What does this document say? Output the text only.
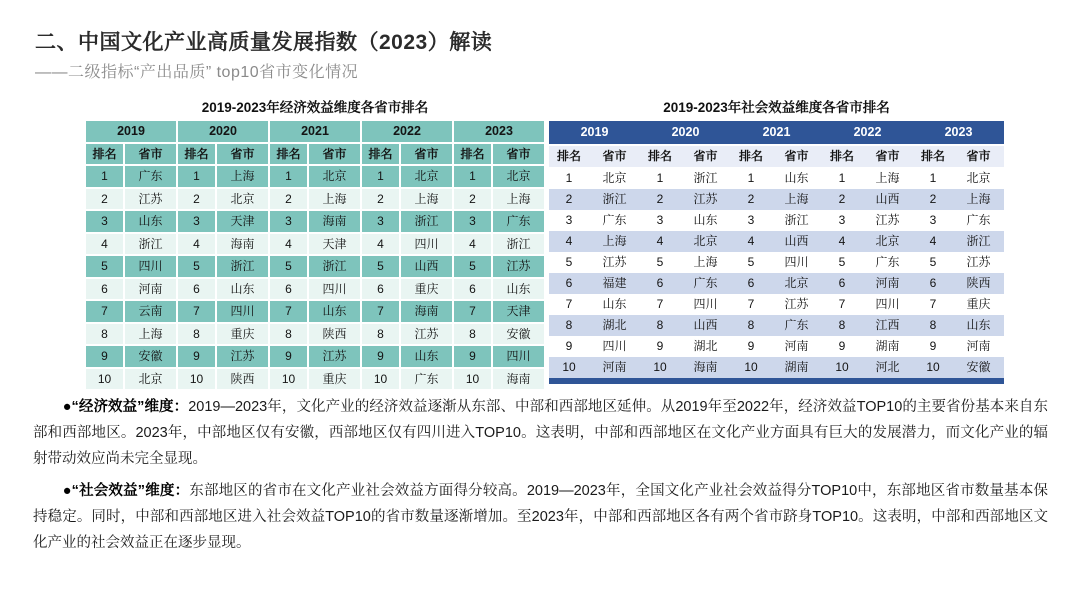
二、中国文化产业高质量发展指数（2023）解读
——二级指标“产出品质” top10省市变化情况
2019-2023年经济效益维度各省市排名
2019	2020	2021	2022	2023
排名	省市	排名	省市	排名	省市	排名	省市	排名	省市
1	广东	1	上海	1	北京	1	北京	1	北京
2	江苏	2	北京	2	上海	2	上海	2	上海
3	山东	3	天津	3	海南	3	浙江	3	广东
4	浙江	4	海南	4	天津	4	四川	4	浙江
5	四川	5	浙江	5	浙江	5	山西	5	江苏
6	河南	6	山东	6	四川	6	重庆	6	山东
7	云南	7	四川	7	山东	7	海南	7	天津
8	上海	8	重庆	8	陕西	8	江苏	8	安徽
9	安徽	9	江苏	9	江苏	9	山东	9	四川
10	北京	10	陕西	10	重庆	10	广东	10	海南
2019-2023年社会效益维度各省市排名
2019	2020	2021	2022	2023
排名	省市	排名	省市	排名	省市	排名	省市	排名	省市
1	北京	1	浙江	1	山东	1	上海	1	北京
2	浙江	2	江苏	2	上海	2	山西	2	上海
3	广东	3	山东	3	浙江	3	江苏	3	广东
4	上海	4	北京	4	山西	4	北京	4	浙江
5	江苏	5	上海	5	四川	5	广东	5	江苏
6	福建	6	广东	6	北京	6	河南	6	陕西
7	山东	7	四川	7	江苏	7	四川	7	重庆
8	湖北	8	山西	8	广东	8	江西	8	山东
9	四川	9	湖北	9	河南	9	湖南	9	河南
10	河南	10	海南	10	湖南	10	河北	10	安徽

●“经济效益”维度：2019—2023年，文化产业的经济效益逐渐从东部、中部和西部地区延伸。从2019年至2022年，经济效益TOP10的主要省份基本来自东部和西部地区。2023年，中部地区仅有安徽，西部地区仅有四川进入TOP10。这表明，中部和西部地区在文化产业方面具有巨大的发展潜力，而文化产业的辐射带动效应尚未完全显现。

●“社会效益”维度：东部地区的省市在文化产业社会效益方面得分较高。2019—2023年，全国文化产业社会效益得分TOP10中，东部地区省市数量基本保持稳定。同时，中部和西部地区进入社会效益TOP10的省市数量逐渐增加。至2023年，中部和西部地区各有两个省市跻身TOP10。这表明，中部和西部地区文化产业的社会效益正在逐步显现。
